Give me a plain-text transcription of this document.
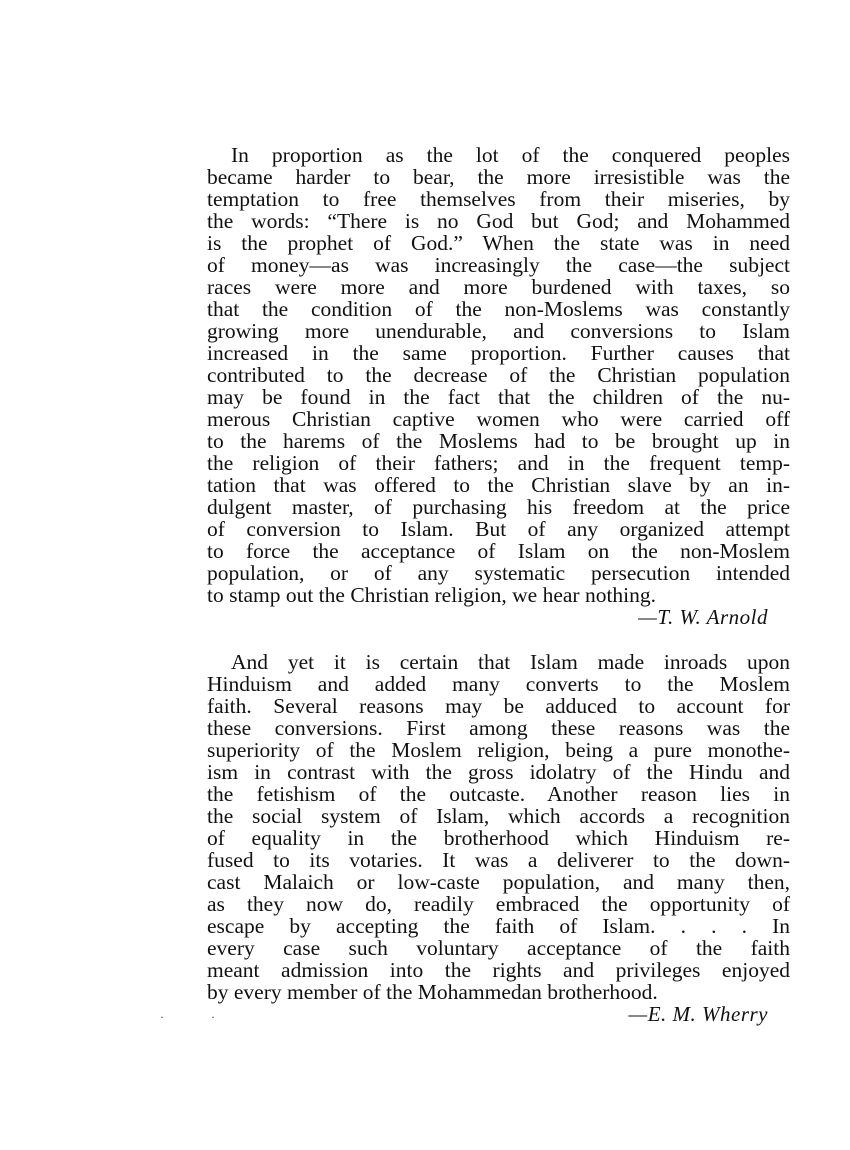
In proportion as the lot of the conquered peoples
became harder to bear, the more irresistible was the
temptation to free themselves from their miseries, by
the words: “There is no God but God; and Mohammed
is the prophet of God.” When the state was in need
of money—as was increasingly the case—the subject
races were more and more burdened with taxes, so
that the condition of the non-Moslems was constantly
growing more unendurable, and conversions to Islam
increased in the same proportion. Further causes that
contributed to the decrease of the Christian population
may be found in the fact that the children of the nu-
merous Christian captive women who were carried off
to the harems of the Moslems had to be brought up in
the religion of their fathers; and in the frequent temp-
tation that was offered to the Christian slave by an in-
dulgent master, of purchasing his freedom at the price
of conversion to Islam. But of any organized attempt
to force the acceptance of Islam on the non-Moslem
population, or of any systematic persecution intended
to stamp out the Christian religion, we hear nothing.
—T. W. Arnold
And yet it is certain that Islam made inroads upon
Hinduism and added many converts to the Moslem
faith. Several reasons may be adduced to account for
these conversions. First among these reasons was the
superiority of the Moslem religion, being a pure monothe-
ism in contrast with the gross idolatry of the Hindu and
the fetishism of the outcaste. Another reason lies in
the social system of Islam, which accords a recognition
of equality in the brotherhood which Hinduism re-
fused to its votaries. It was a deliverer to the down-
cast Malaich or low-caste population, and many then,
as they now do, readily embraced the opportunity of
escape by accepting the faith of Islam. . . . In
every case such voluntary acceptance of the faith
meant admission into the rights and privileges enjoyed
by every member of the Mohammedan brotherhood.
—E. M. Wherry
· ·
